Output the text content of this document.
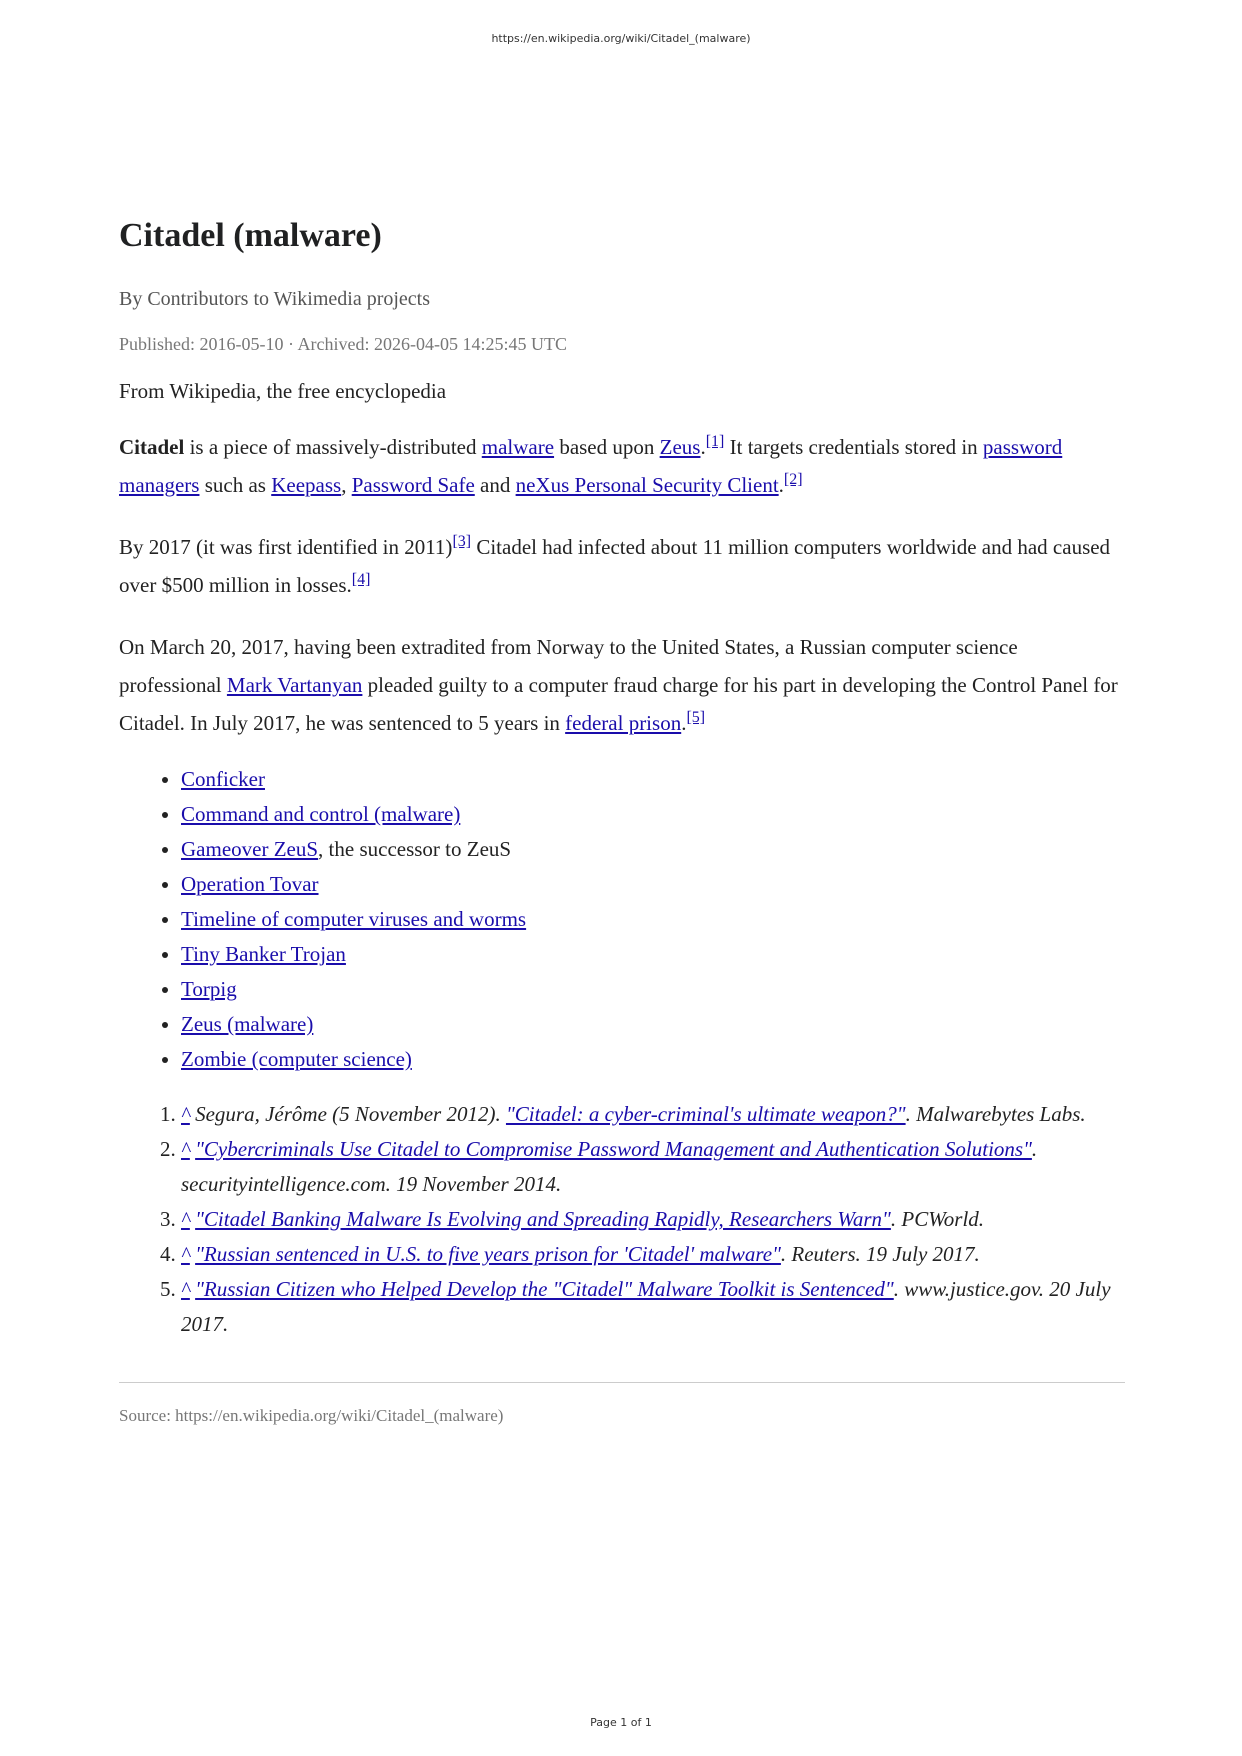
https://en.wikipedia.org/wiki/Citadel_(malware)
Citadel (malware)
By Contributors to Wikimedia projects
Published: 2016-05-10 · Archived: 2026-04-05 14:25:45 UTC
From Wikipedia, the free encyclopedia

Citadel is a piece of massively-distributed malware based upon Zeus.[1] It targets credentials stored in password managers such as Keepass, Password Safe and neXus Personal Security Client.[2]

By 2017 (it was first identified in 2011)[3] Citadel had infected about 11 million computers worldwide and had caused over $500 million in losses.[4]

On March 20, 2017, having been extradited from Norway to the United States, a Russian computer science professional Mark Vartanyan pleaded guilty to a computer fraud charge for his part in developing the Control Panel for Citadel. In July 2017, he was sentenced to 5 years in federal prison.[5]

• Conficker
• Command and control (malware)
• Gameover ZeuS, the successor to ZeuS
• Operation Tovar
• Timeline of computer viruses and worms
• Tiny Banker Trojan
• Torpig
• Zeus (malware)
• Zombie (computer science)
1. ^ Segura, Jérôme (5 November 2012). "Citadel: a cyber-criminal's ultimate weapon?". Malwarebytes Labs.
2. ^ "Cybercriminals Use Citadel to Compromise Password Management and Authentication Solutions". securityintelligence.com. 19 November 2014.
3. ^ "Citadel Banking Malware Is Evolving and Spreading Rapidly, Researchers Warn". PCWorld.
4. ^ "Russian sentenced in U.S. to five years prison for 'Citadel' malware". Reuters. 19 July 2017.
5. ^ "Russian Citizen who Helped Develop the "Citadel" Malware Toolkit is Sentenced". www.justice.gov. 20 July 2017.
Source: https://en.wikipedia.org/wiki/Citadel_(malware)
Page 1 of 1
